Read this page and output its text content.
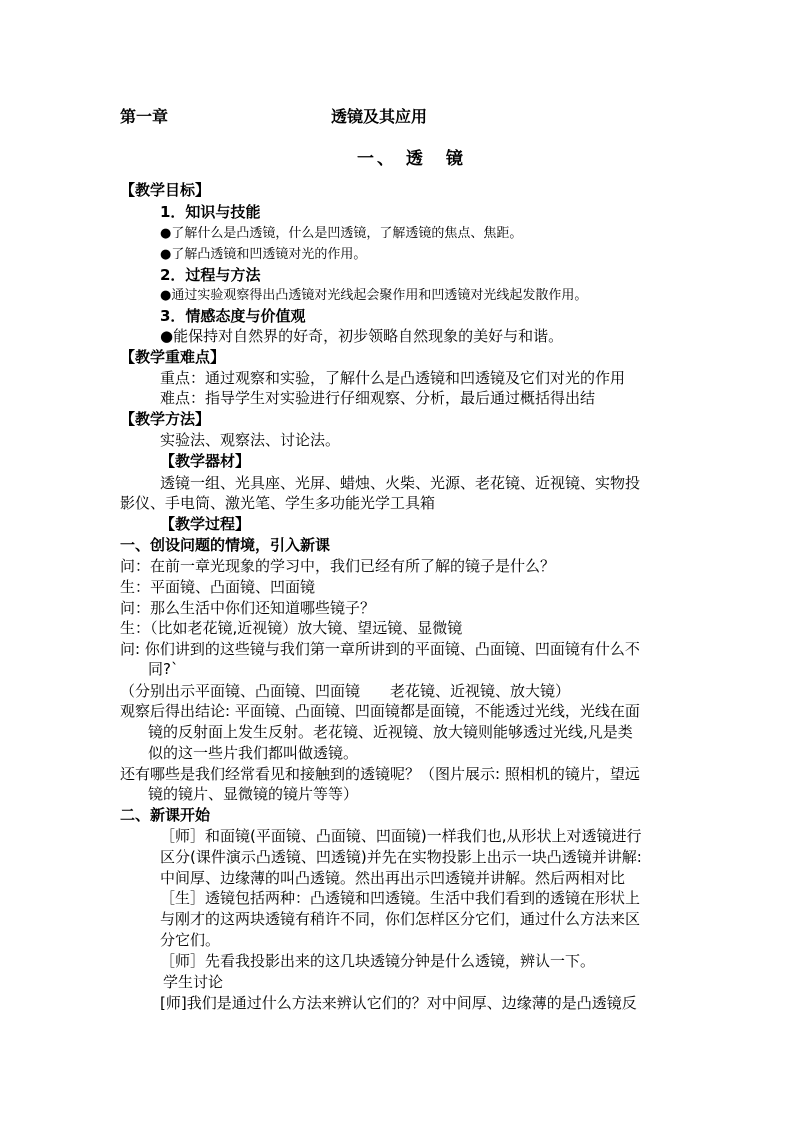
第一章	透镜及其应用
一、 透　镜
【教学目标】
1．知识与技能
●了解什么是凸透镜，什么是凹透镜，了解透镜的焦点、焦距。
●了解凸透镜和凹透镜对光的作用。
2．过程与方法
●通过实验观察得出凸透镜对光线起会聚作用和凹透镜对光线起发散作用。
3．情感态度与价值观
●能保持对自然界的好奇，初步领略自然现象的美好与和谐。
【教学重难点】
重点：通过观察和实验，了解什么是凸透镜和凹透镜及它们对光的作用
难点：指导学生对实验进行仔细观察、分析，最后通过概括得出结
【教学方法】
实验法、观察法、讨论法。
【教学器材】
透镜一组、光具座、光屏、蜡烛、火柴、光源、老花镜、近视镜、实物投
影仪、手电筒、激光笔、学生多功能光学工具箱
【教学过程】
一、创设问题的情境，引入新课
问：在前一章光现象的学习中，我们已经有所了解的镜子是什么？
生：平面镜、凸面镜、凹面镜
问：那么生活中你们还知道哪些镜子？
生：（比如老花镜,近视镜）放大镜、望远镜、显微镜
问: 你们讲到的这些镜与我们第一章所讲到的平面镜、凸面镜、凹面镜有什么不
同?`
（分别出示平面镜、凸面镜、凹面镜　　老花镜、近视镜、放大镜）
观察后得出结论: 平面镜、凸面镜、凹面镜都是面镜，不能透过光线，光线在面
镜的反射面上发生反射。老花镜、近视镜、放大镜则能够透过光线,凡是类
似的这一些片我们都叫做透镜。
还有哪些是我们经常看见和接触到的透镜呢？（图片展示: 照相机的镜片，望远
镜的镜片、显微镜的镜片等等）
二、新课开始
［师］和面镜(平面镜、凸面镜、凹面镜)一样我们也,从形状上对透镜进行
区分(课件演示凸透镜、凹透镜)并先在实物投影上出示一块凸透镜并讲解:
中间厚、边缘薄的叫凸透镜。然出再出示凹透镜并讲解。然后两相对比
［生］透镜包括两种：凸透镜和凹透镜。生活中我们看到的透镜在形状上
与刚才的这两块透镜有稍许不同，你们怎样区分它们，通过什么方法来区
分它们。
［师］先看我投影出来的这几块透镜分钟是什么透镜，辨认一下。
学生讨论
[师]我们是通过什么方法来辨认它们的？对中间厚、边缘薄的是凸透镜反
